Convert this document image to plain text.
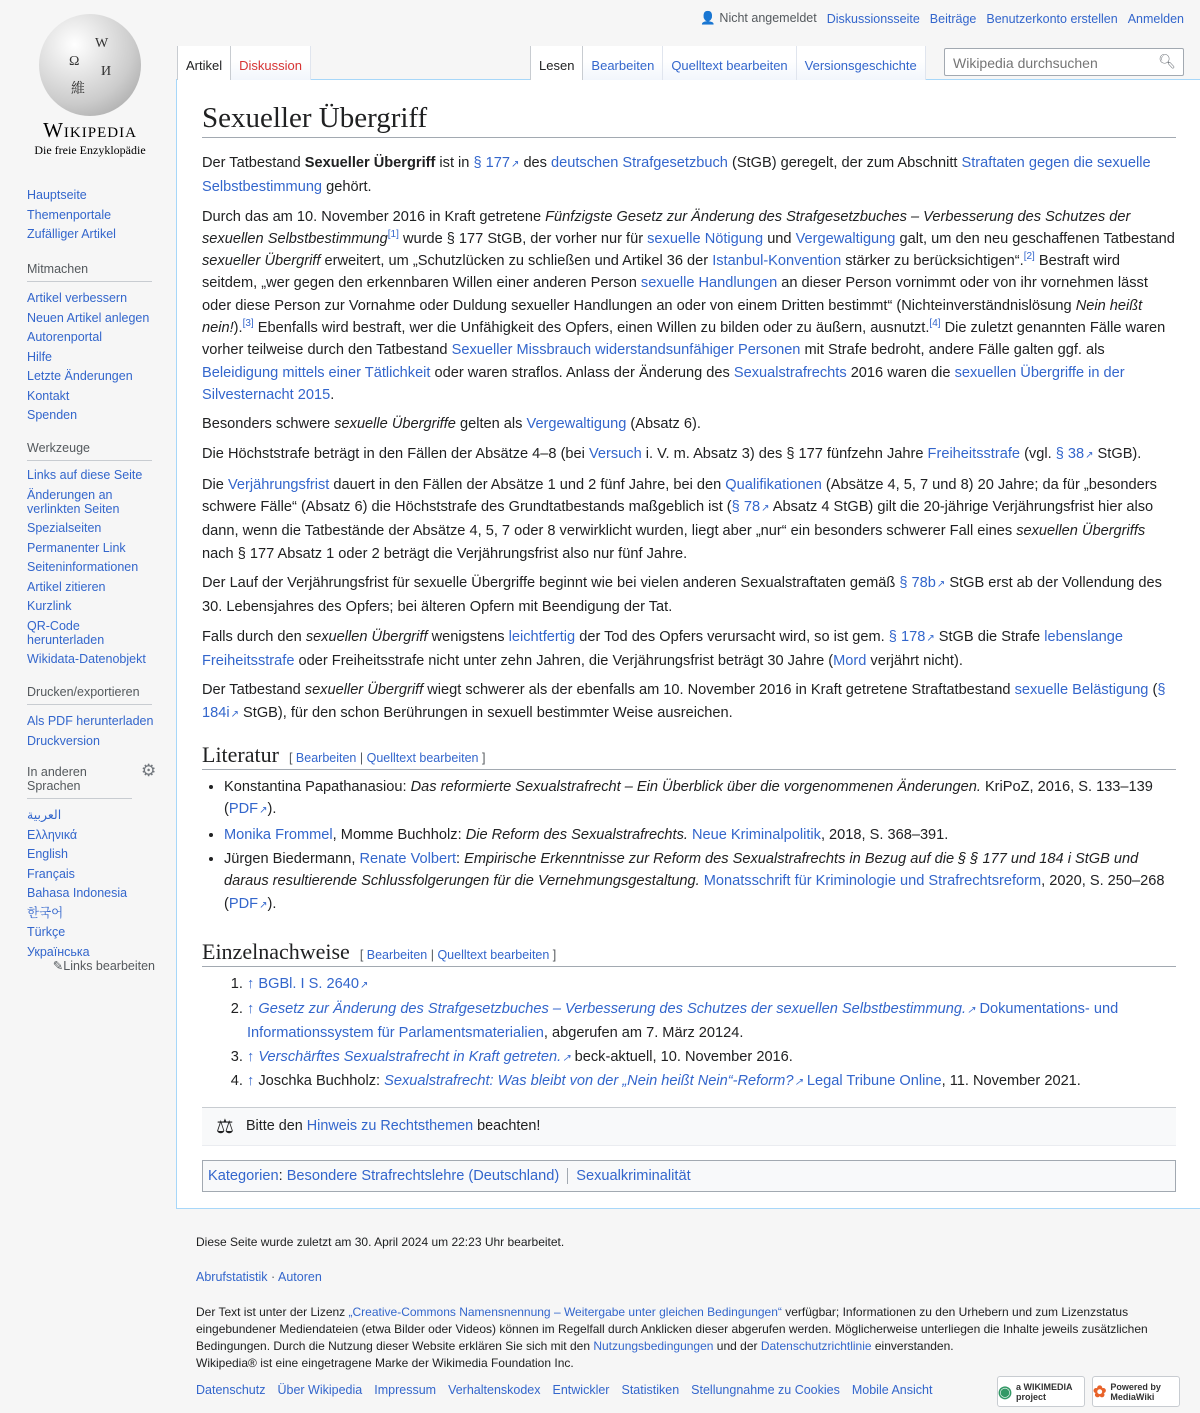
Ω
W
И
維
Wikipedia
Die freie Enzyklopädie
Hauptseite
Themenportale
Zufälliger Artikel
Mitmachen
Artikel verbessern
Neuen Artikel anlegen
Autorenportal
Hilfe
Letzte Änderungen
Kontakt
Spenden
Werkzeuge
Links auf diese Seite
Änderungen an verlinkten Seiten
Spezialseiten
Permanenter Link
Seiteninformationen
Artikel zitieren
Kurzlink
QR-Code herunterladen
Wikidata-Datenobjekt
Drucken/exportieren
Als PDF herunterladen
Druckversion
In anderen Sprachen
⚙
العربية
Ελληνικά
English
Français
Bahasa Indonesia
한국어
Türkçe
Українська
✎Links bearbeiten
👤 Nicht angemeldet Diskussionsseite Beiträge Benutzerkonto erstellen Anmelden
Sexueller Übergriff

Der Tatbestand Sexueller Übergriff ist in § 177 ↗ des deutschen Strafgesetzbuch (StGB) geregelt, der zum Abschnitt Straftaten gegen die sexuelle Selbstbestimmung gehört.

Durch das am 10. November 2016 in Kraft getretene Fünfzigste Gesetz zur Änderung des Strafgesetzbuches – Verbesserung des Schutzes der sexuellen Selbstbestimmung[1] wurde § 177 StGB, der vorher nur für sexuelle Nötigung und Vergewaltigung galt, um den neu geschaffenen Tatbestand sexueller Übergriff erweitert, um „Schutzlücken zu schließen und Artikel 36 der Istanbul-Konvention stärker zu berücksichtigen“.[2] Bestraft wird seitdem, „wer gegen den erkennbaren Willen einer anderen Person sexuelle Handlungen an dieser Person vornimmt oder von ihr vornehmen lässt oder diese Person zur Vornahme oder Duldung sexueller Handlungen an oder von einem Dritten bestimmt“ (Nichteinverständnislösung Nein heißt nein!).[3] Ebenfalls wird bestraft, wer die Unfähigkeit des Opfers, einen Willen zu bilden oder zu äußern, ausnutzt.[4] Die zuletzt genannten Fälle waren vorher teilweise durch den Tatbestand Sexueller Missbrauch widerstandsunfähiger Personen mit Strafe bedroht, andere Fälle galten ggf. als Beleidigung mittels einer Tätlichkeit oder waren straflos. Anlass der Änderung des Sexualstrafrechts 2016 waren die sexuellen Übergriffe in der Silvesternacht 2015.

Besonders schwere sexuelle Übergriffe gelten als Vergewaltigung (Absatz 6).

Die Höchststrafe beträgt in den Fällen der Absätze 4–8 (bei Versuch i. V. m. Absatz 3) des § 177 fünfzehn Jahre Freiheitsstrafe (vgl. § 38 ↗ StGB).

Die Verjährungsfrist dauert in den Fällen der Absätze 1 und 2 fünf Jahre, bei den Qualifikationen (Absätze 4, 5, 7 und 8) 20 Jahre; da für „besonders schwere Fälle“ (Absatz 6) die Höchststrafe des Grundtatbestands maßgeblich ist (§ 78 ↗ Absatz 4 StGB) gilt die 20-jährige Verjährungsfrist hier also dann, wenn die Tatbestände der Absätze 4, 5, 7 oder 8 verwirklicht wurden, liegt aber „nur“ ein besonders schwerer Fall eines sexuellen Übergriffs nach § 177 Absatz 1 oder 2 beträgt die Verjährungsfrist also nur fünf Jahre.

Der Lauf der Verjährungsfrist für sexuelle Übergriffe beginnt wie bei vielen anderen Sexualstraftaten gemäß § 78b ↗ StGB erst ab der Vollendung des 30. Lebensjahres des Opfers; bei älteren Opfern mit Beendigung der Tat.

Falls durch den sexuellen Übergriff wenigstens leichtfertig der Tod des Opfers verursacht wird, so ist gem. § 178 ↗ StGB die Strafe lebenslange Freiheitsstrafe oder Freiheitsstrafe nicht unter zehn Jahren, die Verjährungsfrist beträgt 30 Jahre (Mord verjährt nicht).

Der Tatbestand sexueller Übergriff wiegt schwerer als der ebenfalls am 10. November 2016 in Kraft getretene Straftatbestand sexuelle Belästigung (§ 184i ↗ StGB), für den schon Berührungen in sexuell bestimmter Weise ausreichen.

Literatur [ Bearbeiten | Quelltext bearbeiten ]
• Konstantina Papathanasiou: Das reformierte Sexualstrafrecht – Ein Überblick über die vorgenommenen Änderungen. KriPoZ, 2016, S. 133–139 (PDF ↗ ).
• Monika Frommel, Momme Buchholz: Die Reform des Sexualstrafrechts. Neue Kriminalpolitik, 2018, S. 368–391.
• Jürgen Biedermann, Renate Volbert: Empirische Erkenntnisse zur Reform des Sexualstrafrechts in Bezug auf die § § 177 und 184 i StGB und daraus resultierende Schlussfolgerungen für die Vernehmungsgestaltung. Monatsschrift für Kriminologie und Strafrechtsreform, 2020, S. 250–268 (PDF ↗ ).
Einzelnachweise [ Bearbeiten | Quelltext bearbeiten ]
1. ↑ BGBl. I S. 2640 ↗
2. ↑ Gesetz zur Änderung des Strafgesetzbuches – Verbesserung des Schutzes der sexuellen Selbstbestimmung. ↗ Dokumentations- und Informationssystem für Parlamentsmaterialien, abgerufen am 7. März 20124.
3. ↑ Verschärftes Sexualstrafrecht in Kraft getreten. ↗ beck-aktuell, 10. November 2016.
4. ↑ Joschka Buchholz: Sexualstrafrecht: Was bleibt von der „Nein heißt Nein“-Reform? ↗ Legal Tribune Online, 11. November 2021.
⚖ Bitte den Hinweis zu Rechtsthemen beachten!
Kategorien: Besondere Strafrechtslehre (Deutschland) Sexualkriminalität
Artikel	Diskussion	Lesen	Bearbeiten	Quelltext bearbeiten	Versionsgeschichte
Wikipedia durchsuchen	🔍︎

Diese Seite wurde zuletzt am 30. April 2024 um 22:23 Uhr bearbeitet.

Abrufstatistik · Autoren

Der Text ist unter der Lizenz „Creative-Commons Namensnennung – Weitergabe unter gleichen Bedingungen“ verfügbar; Informationen zu den Urhebern und zum Lizenzstatus eingebundener Mediendateien (etwa Bilder oder Videos) können im Regelfall durch Anklicken dieser abgerufen werden. Möglicherweise unterliegen die Inhalte jeweils zusätzlichen Bedingungen. Durch die Nutzung dieser Website erklären Sie sich mit den Nutzungsbedingungen und der Datenschutzrichtlinie einverstanden.
Wikipedia® ist eine eingetragene Marke der Wikimedia Foundation Inc.

Datenschutz Über Wikipedia Impressum Verhaltenskodex Entwickler Statistiken Stellungnahme zu Cookies Mobile Ansicht	◉ a WIKIMEDIA project	✿ Powered by MediaWiki
